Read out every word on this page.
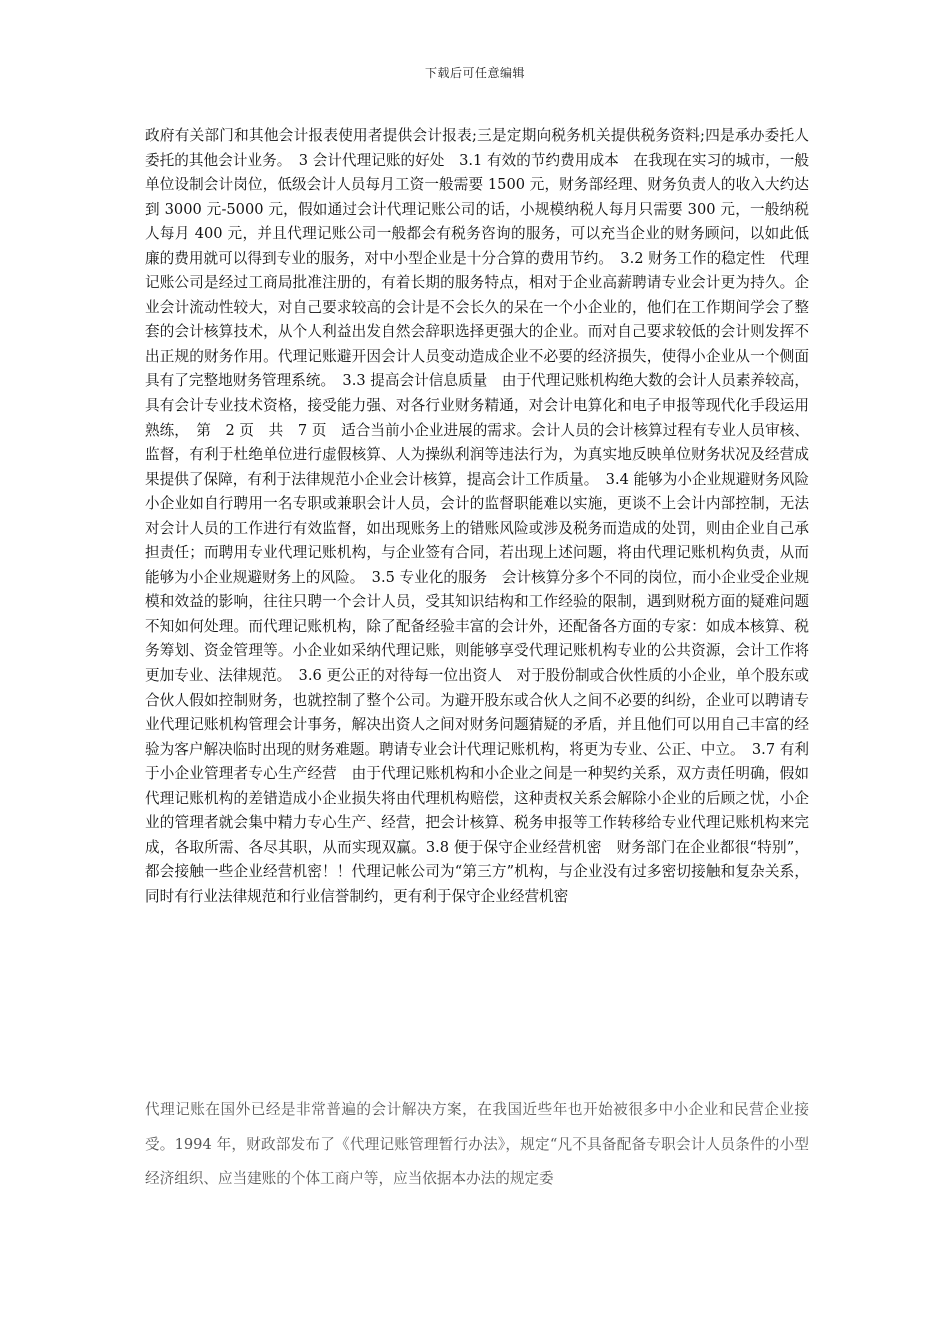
下载后可任意编辑
政府有关部门和其他会计报表使用者提供会计报表;三是定期向税务机关提供税务资料;四是承办委托人委托的其他会计业务。　3 会计代理记账的好处　3.1 有效的节约费用成本　在我现在实习的城市，一般单位设制会计岗位，低级会计人员每月工资一般需要 1500 元，财务部经理、财务负责人的收入大约达到 3000 元-5000 元，假如通过会计代理记账公司的话，小规模纳税人每月只需要 300 元，一般纳税人每月 400 元，并且代理记账公司一般都会有税务咨询的服务，可以充当企业的财务顾问，以如此低廉的费用就可以得到专业的服务，对中小型企业是十分合算的费用节约。　3.2 财务工作的稳定性　代理记账公司是经过工商局批准注册的，有着长期的服务特点，相对于企业高薪聘请专业会计更为持久。企业会计流动性较大，对自己要求较高的会计是不会长久的呆在一个小企业的，他们在工作期间学会了整套的会计核算技术，从个人利益出发自然会辞职选择更强大的企业。而对自己要求较低的会计则发挥不出正规的财务作用。代理记账避开因会计人员变动造成企业不必要的经济损失，使得小企业从一个侧面具有了完整地财务管理系统。　3.3 提高会计信息质量　由于代理记账机构绝大数的会计人员素养较高，具有会计专业技术资格，接受能力强、对各行业财务精通，对会计电算化和电子申报等现代化手段运用熟练，　第　2 页　共　7 页　适合当前小企业进展的需求。会计人员的会计核算过程有专业人员审核、监督，有利于杜绝单位进行虚假核算、人为操纵利润等违法行为，为真实地反映单位财务状况及经营成果提供了保障，有利于法律规范小企业会计核算，提高会计工作质量。　3.4 能够为小企业规避财务风险　小企业如自行聘用一名专职或兼职会计人员，会计的监督职能难以实施，更谈不上会计内部控制，无法对会计人员的工作进行有效监督，如出现账务上的错账风险或涉及税务而造成的处罚，则由企业自己承担责任；而聘用专业代理记账机构，与企业签有合同，若出现上述问题，将由代理记账机构负责，从而能够为小企业规避财务上的风险。　3.5 专业化的服务　会计核算分多个不同的岗位，而小企业受企业规模和效益的影响，往往只聘一个会计人员，受其知识结构和工作经验的限制，遇到财税方面的疑难问题不知如何处理。而代理记账机构，除了配备经验丰富的会计外，还配备各方面的专家：如成本核算、税务筹划、资金管理等。小企业如采纳代理记账，则能够享受代理记账机构专业的公共资源，会计工作将更加专业、法律规范。　3.6 更公正的对待每一位出资人　对于股份制或合伙性质的小企业，单个股东或合伙人假如控制财务，也就控制了整个公司。为避开股东或合伙人之间不必要的纠纷，企业可以聘请专业代理记账机构管理会计事务，解决出资人之间对财务问题猜疑的矛盾，并且他们可以用自己丰富的经验为客户解决临时出现的财务难题。聘请专业会计代理记账机构，将更为专业、公正、中立。　3.7 有利于小企业管理者专心生产经营　由于代理记账机构和小企业之间是一种契约关系，双方责任明确，假如代理记账机构的差错造成小企业损失将由代理机构赔偿，这种责权关系会解除小企业的后顾之忧，小企业的管理者就会集中精力专心生产、经营，把会计核算、税务申报等工作转移给专业代理记账机构来完成，各取所需、各尽其职，从而实现双赢。3.8 便于保守企业经营机密　财务部门在企业都很“特别”，都会接触一些企业经营机密！！代理记帐公司为“第三方”机构，与企业没有过多密切接触和复杂关系，同时有行业法律规范和行业信誉制约，更有利于保守企业经营机密
代理记账在国外已经是非常普遍的会计解决方案，在我国近些年也开始被很多中小企业和民营企业接受。1994 年，财政部发布了《代理记账管理暂行办法》，规定“凡不具备配备专职会计人员条件的小型经济组织、应当建账的个体工商户等，应当依据本办法的规定委
